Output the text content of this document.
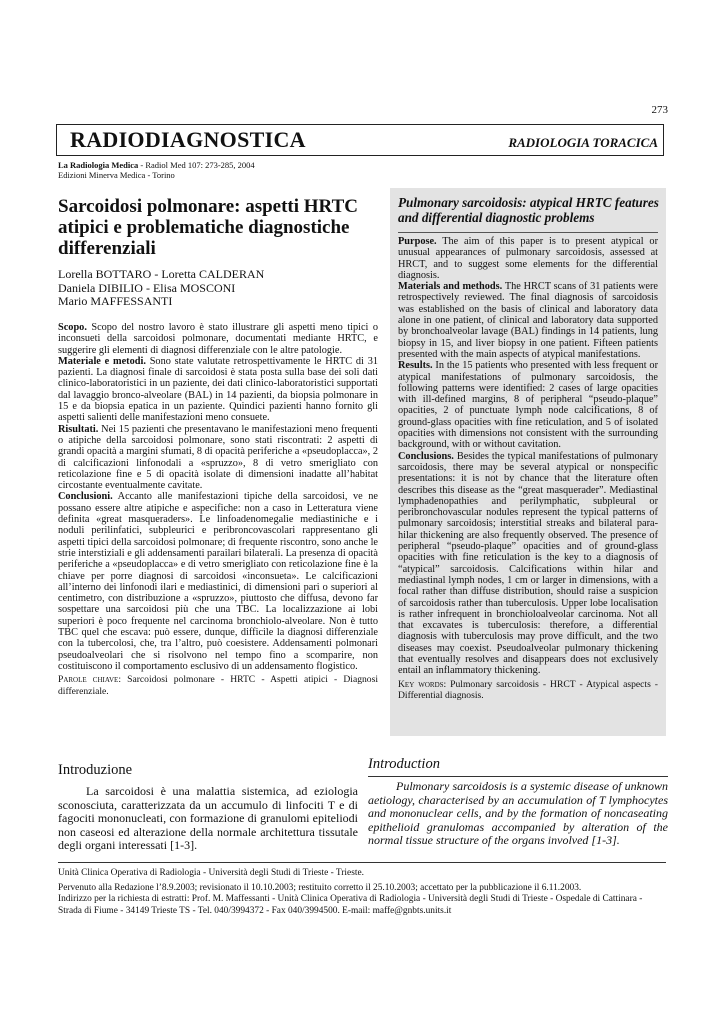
273
RADIODIAGNOSTICA	RADIOLOGIA TORACICA
La Radiologia Medica - Radiol Med 107: 273-285, 2004
Edizioni Minerva Medica - Torino
Sarcoidosi polmonare: aspetti HRTC atipici e problematiche diagnostiche differenziali
Lorella BOTTARO - Loretta CALDERAN
Daniela DIBILIO - Elisa MOSCONI
Mario MAFFESSANTI

Scopo. Scopo del nostro lavoro è stato illustrare gli aspetti meno tipici o inconsueti della sarcoidosi polmonare, documentati mediante HRTC, e suggerire gli elementi di diagnosi differenziale con le altre patologie.

Materiale e metodi. Sono state valutate retrospettivamente le HRTC di 31 pazienti. La diagnosi finale di sarcoidosi è stata posta sulla base dei soli dati clinico-laboratoristici in un paziente, dei dati clinico-laboratoristici supportati dal lavaggio bronco-alveolare (BAL) in 14 pazienti, da biopsia polmonare in 15 e da biopsia epatica in un paziente. Quindici pazienti hanno fornito gli aspetti salienti delle manifestazioni meno consuete.

Risultati. Nei 15 pazienti che presentavano le manifestazioni meno frequenti o atipiche della sarcoidosi polmonare, sono stati riscontrati: 2 aspetti di grandi opacità a margini sfumati, 8 di opacità periferiche a «pseudoplacca», 2 di calcificazioni linfonodali a «spruzzo», 8 di vetro smerigliato con reticolazione fine e 5 di opacità isolate di dimensioni inadatte all’habitat circostante eventualmente cavitate.

Conclusioni. Accanto alle manifestazioni tipiche della sarcoidosi, ve ne possano essere altre atipiche e aspecifiche: non a caso in Letteratura viene definita «great masqueraders». Le linfoadenomegalie mediastiniche e i noduli perilinfatici, subpleurici e peribroncovascolari rappresentano gli aspetti tipici della sarcoidosi polmonare; di frequente riscontro, sono anche le strie interstiziali e gli addensamenti parailari bilaterali. La presenza di opacità periferiche a «pseudoplacca» e di vetro smerigliato con reticolazione fine è la chiave per porre diagnosi di sarcoidosi «inconsueta». Le calcificazioni all’interno dei linfonodi ilari e mediastinici, di dimensioni pari o superiori al centimetro, con distribuzione a «spruzzo», piuttosto che diffusa, devono far sospettare una sarcoidosi più che una TBC. La localizzazione ai lobi superiori è poco frequente nel carcinoma bronchiolo-alveolare. Non è tutto TBC quel che escava: può essere, dunque, difficile la diagnosi differenziale con la tubercolosi, che, tra l’altro, può coesistere. Addensamenti polmonari pseudoalveolari che si risolvono nel tempo fino a scomparire, non costituiscono il comportamento esclusivo di un addensamento flogistico.

Parole chiave: Sarcoidosi polmonare - HRTC - Aspetti atipici - Diagnosi differenziale.

Pulmonary sarcoidosis: atypical HRTC features and differential diagnostic problems

Purpose. The aim of this paper is to present atypical or unusual appearances of pulmonary sarcoidosis, assessed at HRCT, and to suggest some elements for the differential diagnosis.

Materials and methods. The HRCT scans of 31 patients were retrospectively reviewed. The final diagnosis of sarcoidosis was established on the basis of clinical and laboratory data alone in one patient, of clinical and laboratory data supported by bronchoalveolar lavage (BAL) findings in 14 patients, lung biopsy in 15, and liver biopsy in one patient. Fifteen patients presented with the main aspects of atypical manifestations.

Results. In the 15 patients who presented with less frequent or atypical manifestations of pulmonary sarcoidosis, the following patterns were identified: 2 cases of large opacities with ill-defined margins, 8 of peripheral “pseudo-plaque” opacities, 2 of punctuate lymph node calcifications, 8 of ground-glass opacities with fine reticulation, and 5 of isolated opacities with dimensions not consistent with the surrounding background, with or without cavitation.

Conclusions. Besides the typical manifestations of pulmonary sarcoidosis, there may be several atypical or nonspecific presentations: it is not by chance that the literature often describes this disease as the “great masquerader”. Mediastinal lymphadenopathies and perilymphatic, subpleural or peribronchovascular nodules represent the typical patterns of pulmonary sarcoidosis; interstitial streaks and bilateral para-hilar thickening are also frequently observed. The presence of peripheral “pseudo-plaque” opacities and of ground-glass opacities with fine reticulation is the key to a diagnosis of “atypical” sarcoidosis. Calcifications within hilar and mediastinal lymph nodes, 1 cm or larger in dimensions, with a focal rather than diffuse distribution, should raise a suspicion of sarcoidosis rather than tuberculosis. Upper lobe localisation is rather infrequent in bronchioloalveolar carcinoma. Not all that excavates is tuberculosis: therefore, a differential diagnosis with tuberculosis may prove difficult, and the two diseases may coexist. Pseudoalveolar pulmonary thickening that eventually resolves and disappears does not exclusively entail an inflammatory thickening.

Key words: Pulmonary sarcoidosis - HRCT - Atypical aspects - Differential diagnosis.

Introduzione
La sarcoidosi è una malattia sistemica, ad eziologia sconosciuta, caratterizzata da un accumulo di linfociti T e di fagociti mononucleati, con formazione di granulomi epiteliodi non caseosi ed alterazione della normale architettura tissutale degli organi interessati [1-3].
Introduction
Pulmonary sarcoidosis is a systemic disease of unknown aetiology, characterised by an accumulation of T lymphocytes and mononuclear cells, and by the formation of noncaseating epithelioid granulomas accompanied by alteration of the normal tissue structure of the organs involved [1-3].
Unità Clinica Operativa di Radiologia - Università degli Studi di Trieste - Trieste.
Pervenuto alla Redazione l’8.9.2003; revisionato il 10.10.2003; restituito corretto il 25.10.2003; accettato per la pubblicazione il 6.11.2003.
Indirizzo per la richiesta di estratti: Prof. M. Maffessanti - Unità Clinica Operativa di Radiologia - Università degli Studi di Trieste - Ospedale di Cattinara - Strada di Fiume - 34149 Trieste TS - Tel. 040/3994372 - Fax 040/3994500. E-mail: maffe@gnbts.units.it
